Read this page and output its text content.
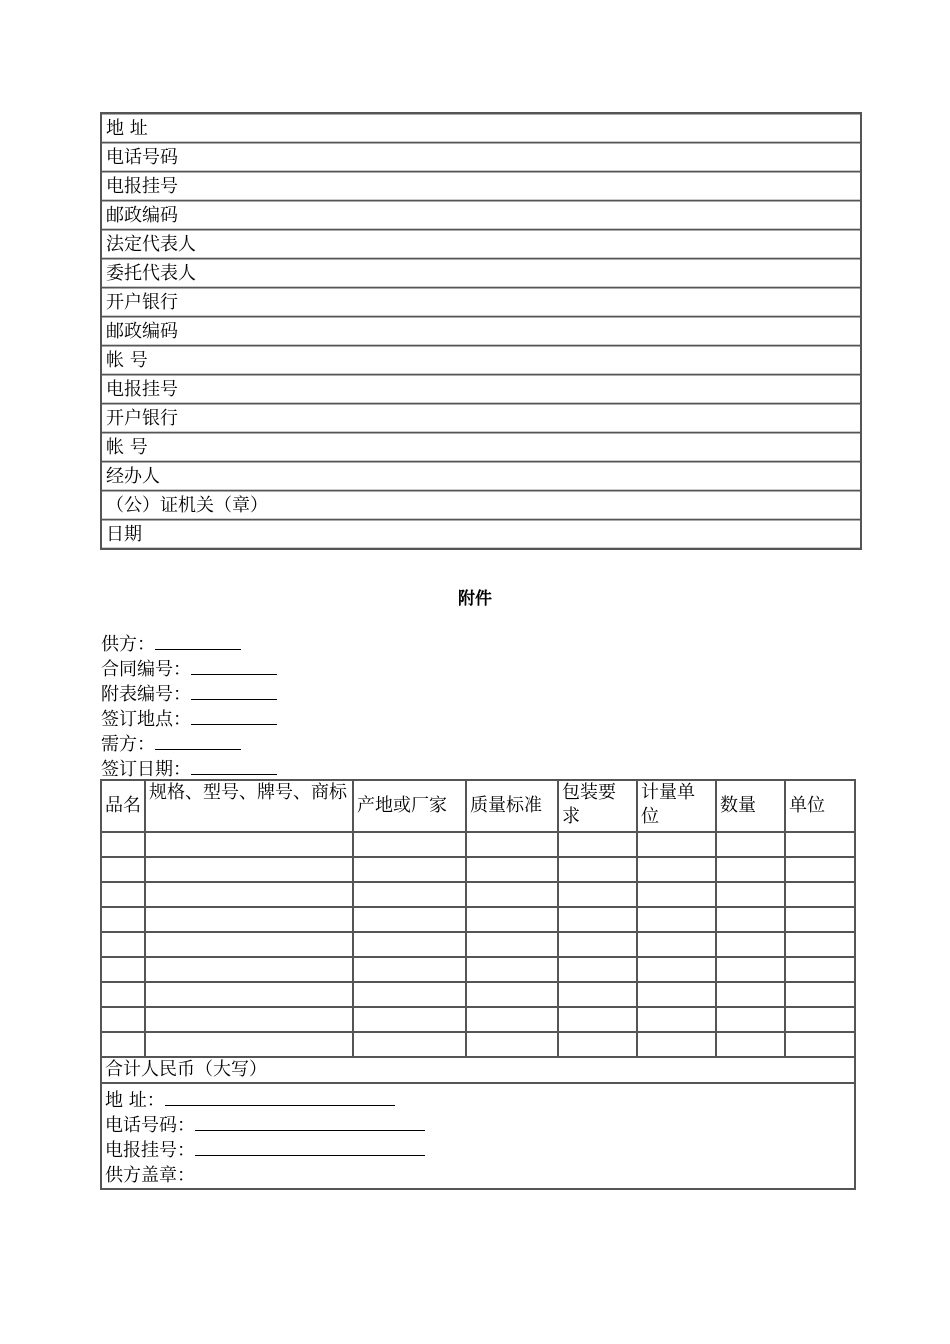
地 址
电话号码
电报挂号
邮政编码
法定代表人
委托代表人
开户银行
邮政编码
帐 号
电报挂号
开户银行
帐 号
经办人
（公）证机关（章）
日期
附件
供方：
合同编号：
附表编号：
签订地点：
需方：
签订日期：
品名	规格、型号、牌号、商标	产地或厂家	质量标准	包装要求	计量单位	数量	单位

合计人民币（大写）							

地 址：
电话号码：
电报挂号：
供方盖章：							
